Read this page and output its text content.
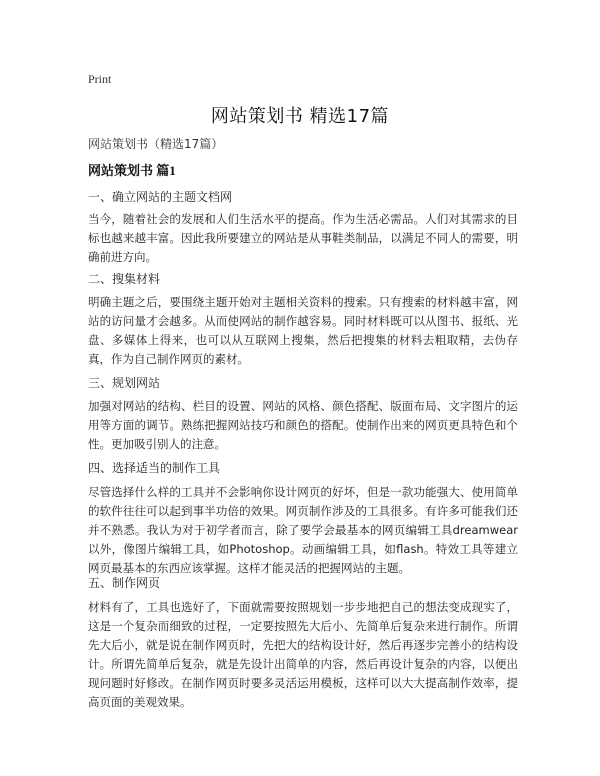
Print
网站策划书 精选17篇
网站策划书（精选17篇）
网站策划书 篇1
一、确立网站的主题文档网
当今，随着社会的发展和人们生活水平的提高。作为生活必需品。人们对其需求的目标也越来越丰富。因此我所要建立的网站是从事鞋类制品，以满足不同人的需要，明确前进方向。
二、搜集材料
明确主题之后，要围绕主题开始对主题相关资料的搜索。只有搜索的材料越丰富，网站的访问量才会越多。从而使网站的制作越容易。同时材料既可以从图书、报纸、光盘、多媒体上得来，也可以从互联网上搜集，然后把搜集的材料去粗取精，去伪存真，作为自己制作网页的素材。
三、规划网站
加强对网站的结构、栏目的设置、网站的风格、颜色搭配、版面布局、文字图片的运用等方面的调节。熟练把握网站技巧和颜色的搭配。使制作出来的网页更具特色和个性。更加吸引别人的注意。
四、选择适当的制作工具
尽管选择什么样的工具并不会影响你设计网页的好坏，但是一款功能强大、使用简单的软件往往可以起到事半功倍的效果。网页制作涉及的工具很多。有许多可能我们还并不熟悉。我认为对于初学者而言，除了要学会最基本的网页编辑工具dreamwear以外，像图片编辑工具，如Photoshop。动画编辑工具，如flash。特效工具等建立网页最基本的东西应该掌握。这样才能灵活的把握网站的主题。
五、制作网页
材料有了，工具也选好了，下面就需要按照规划一步步地把自己的想法变成现实了，这是一个复杂而细致的过程，一定要按照先大后小、先简单后复杂来进行制作。所谓先大后小，就是说在制作网页时，先把大的结构设计好，然后再逐步完善小的结构设计。所谓先简单后复杂，就是先设计出简单的内容，然后再设计复杂的内容，以便出现问题时好修改。在制作网页时要多灵活运用模板，这样可以大大提高制作效率，提高页面的美观效果。
